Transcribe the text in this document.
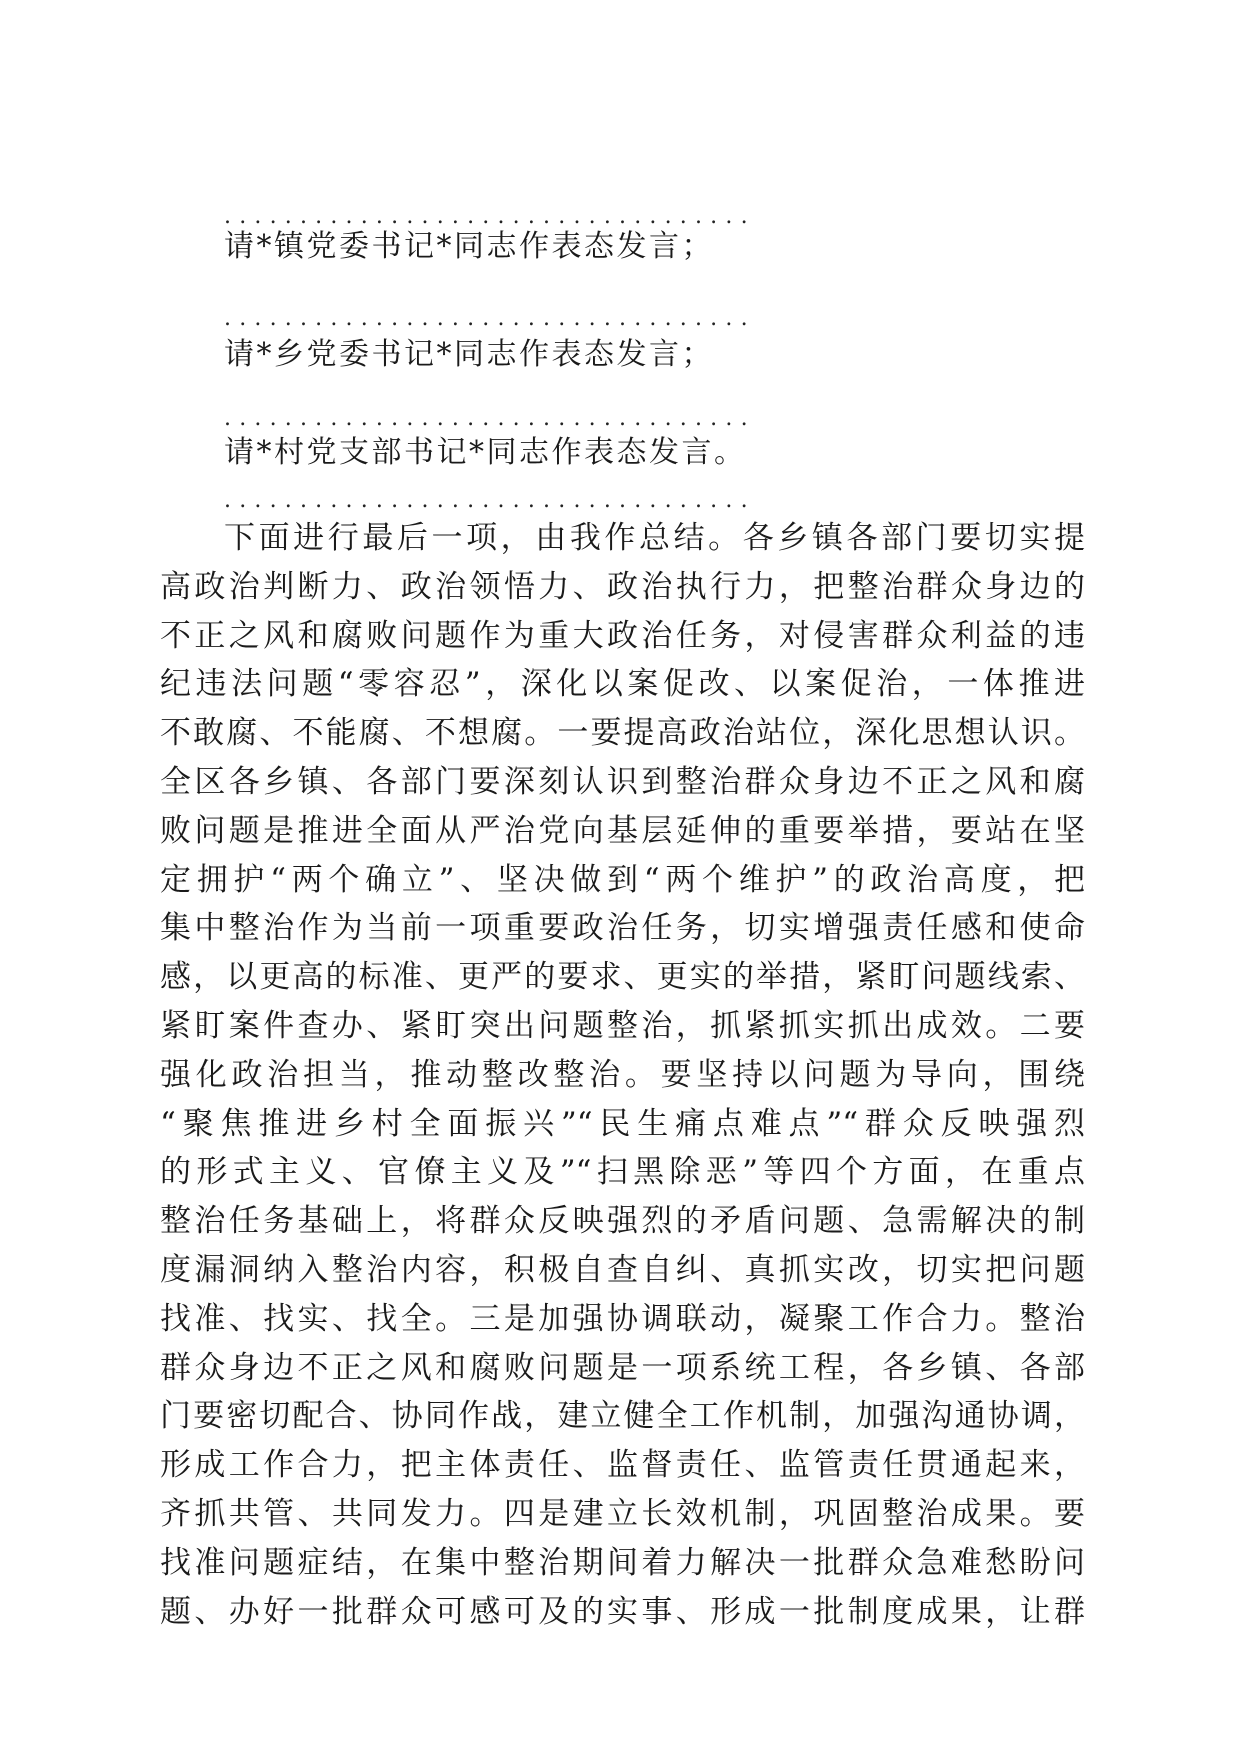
...................................
请*镇党委书记*同志作表态发言；
...................................
请*乡党委书记*同志作表态发言；
...................................
请*村党支部书记*同志作表态发言。
...................................
下面进行最后一项，由我作总结。各乡镇各部门要切实提
高政治判断力、政治领悟力、政治执行力，把整治群众身边的
不正之风和腐败问题作为重大政治任务，对侵害群众利益的违
纪违法问题“零容忍”，深化以案促改、以案促治，一体推进
不敢腐、不能腐、不想腐。一要提高政治站位，深化思想认识。
全区各乡镇、各部门要深刻认识到整治群众身边不正之风和腐
败问题是推进全面从严治党向基层延伸的重要举措，要站在坚
定拥护“两个确立”、坚决做到“两个维护”的政治高度，把
集中整治作为当前一项重要政治任务，切实增强责任感和使命
感，以更高的标准、更严的要求、更实的举措，紧盯问题线索、
紧盯案件查办、紧盯突出问题整治，抓紧抓实抓出成效。二要
强化政治担当，推动整改整治。要坚持以问题为导向，围绕
“聚焦推进乡村全面振兴”“民生痛点难点”“群众反映强烈
的形式主义、官僚主义及”“扫黑除恶”等四个方面，在重点
整治任务基础上，将群众反映强烈的矛盾问题、急需解决的制
度漏洞纳入整治内容，积极自查自纠、真抓实改，切实把问题
找准、找实、找全。三是加强协调联动，凝聚工作合力。整治
群众身边不正之风和腐败问题是一项系统工程，各乡镇、各部
门要密切配合、协同作战，建立健全工作机制，加强沟通协调，
形成工作合力，把主体责任、监督责任、监管责任贯通起来，
齐抓共管、共同发力。四是建立长效机制，巩固整治成果。要
找准问题症结，在集中整治期间着力解决一批群众急难愁盼问
题、办好一批群众可感可及的实事、形成一批制度成果，让群
